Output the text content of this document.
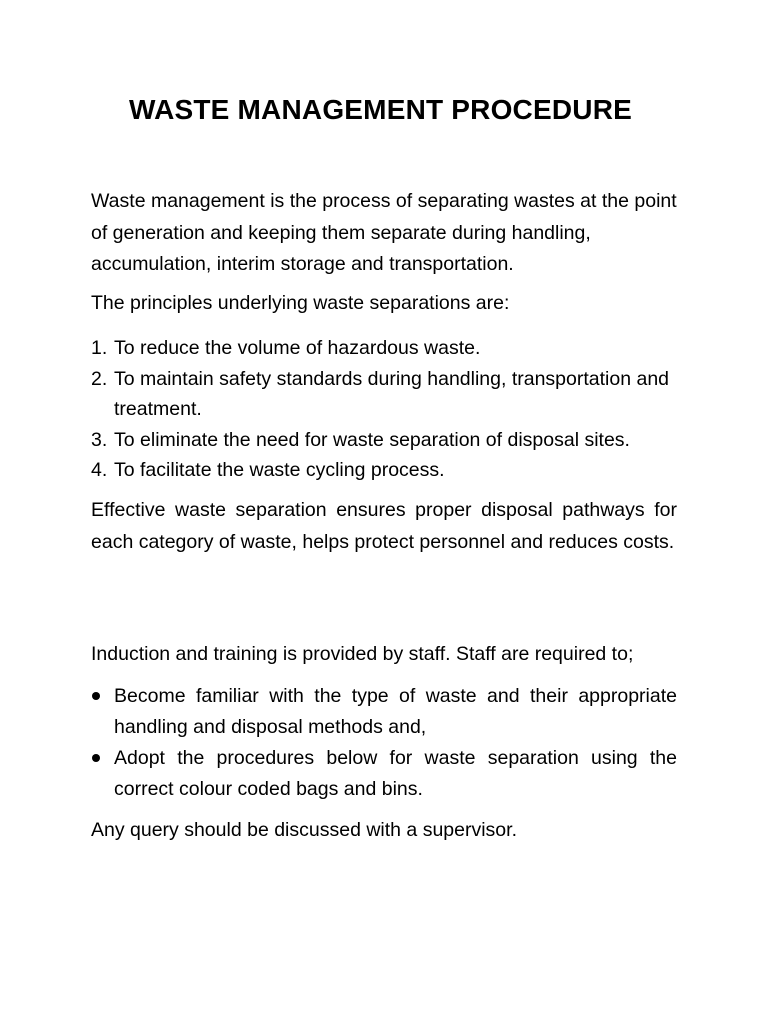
WASTE MANAGEMENT PROCEDURE

Waste management is the process of separating wastes at the point of generation and keeping them separate during handling, accumulation, interim storage and transportation.

The principles underlying waste separations are:

1. To reduce the volume of hazardous waste.
2. To maintain safety standards during handling, transportation and treatment.
3. To eliminate the need for waste separation of disposal sites.
4. To facilitate the waste cycling process.

Effective waste separation ensures proper disposal pathways for each category of waste, helps protect personnel and reduces costs.

Induction and training is provided by staff. Staff are required to;

Become familiar with the type of waste and their appropriate handling and disposal methods and,
Adopt the procedures below for waste separation using the correct colour coded bags and bins.

Any query should be discussed with a supervisor.
